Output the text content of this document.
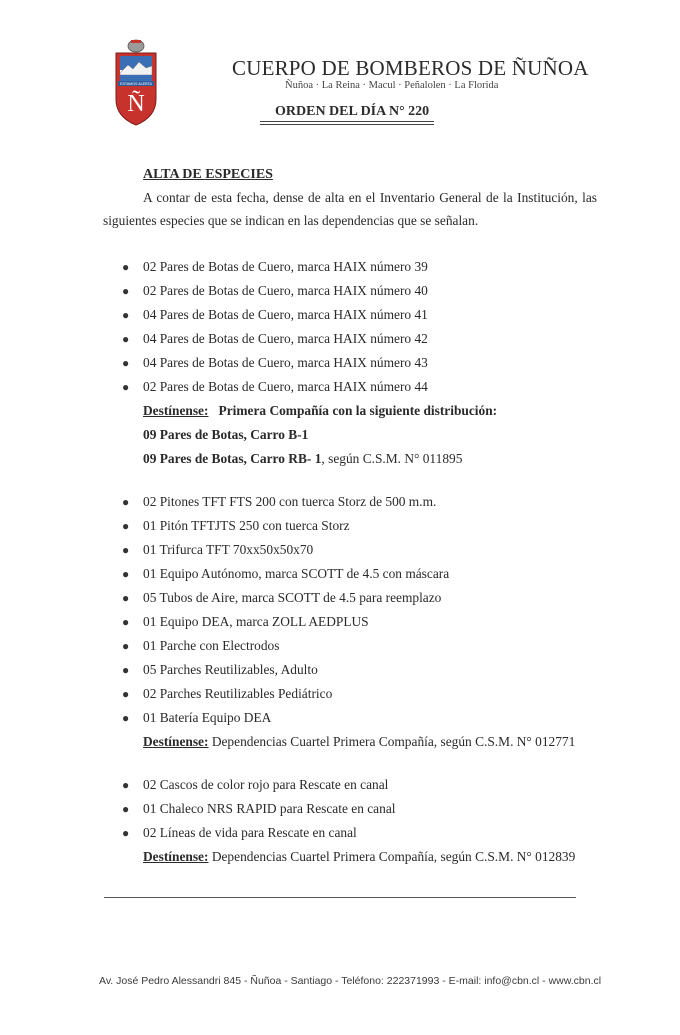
ESTAMOS ALERTA
Ñ
CUERPO DE BOMBEROS DE ÑUÑOA
Ñuñoa · La Reina · Macul · Peñalolen · La Florida
ORDEN DEL DÍA N° 220
ALTA DE ESPECIES
A contar de esta fecha, dense de alta en el Inventario General de la Institución, las siguientes especies que se indican en las dependencias que se señalan.
● 02 Pares de Botas de Cuero, marca HAIX número 39
● 02 Pares de Botas de Cuero, marca HAIX número 40
● 04 Pares de Botas de Cuero, marca HAIX número 41
● 04 Pares de Botas de Cuero, marca HAIX número 42
● 04 Pares de Botas de Cuero, marca HAIX número 43
● 02 Pares de Botas de Cuero, marca HAIX número 44
Destínense: Primera Compañía con la siguiente distribución:
09 Pares de Botas, Carro B-1
09 Pares de Botas, Carro RB- 1, según C.S.M. N° 011895
● 02 Pitones TFT FTS 200 con tuerca Storz de 500 m.m.
● 01 Pitón TFTJTS 250 con tuerca Storz
● 01 Trifurca TFT 70xx50x50x70
● 01 Equipo Autónomo, marca SCOTT de 4.5 con máscara
● 05 Tubos de Aire, marca SCOTT de 4.5 para reemplazo
● 01 Equipo DEA, marca ZOLL AEDPLUS
● 01 Parche con Electrodos
● 05 Parches Reutilizables, Adulto
● 02 Parches Reutilizables Pediátrico
● 01 Batería Equipo DEA
Destínense: Dependencias Cuartel Primera Compañía, según C.S.M. N° 012771
● 02 Cascos de color rojo para Rescate en canal
● 01 Chaleco NRS RAPID para Rescate en canal
● 02 Líneas de vida para Rescate en canal
Destínense: Dependencias Cuartel Primera Compañía, según C.S.M. N° 012839
Av. José Pedro Alessandri 845 - Ñuñoa - Santiago - Teléfono: 222371993 - E-mail: info@cbn.cl - www.cbn.cl
